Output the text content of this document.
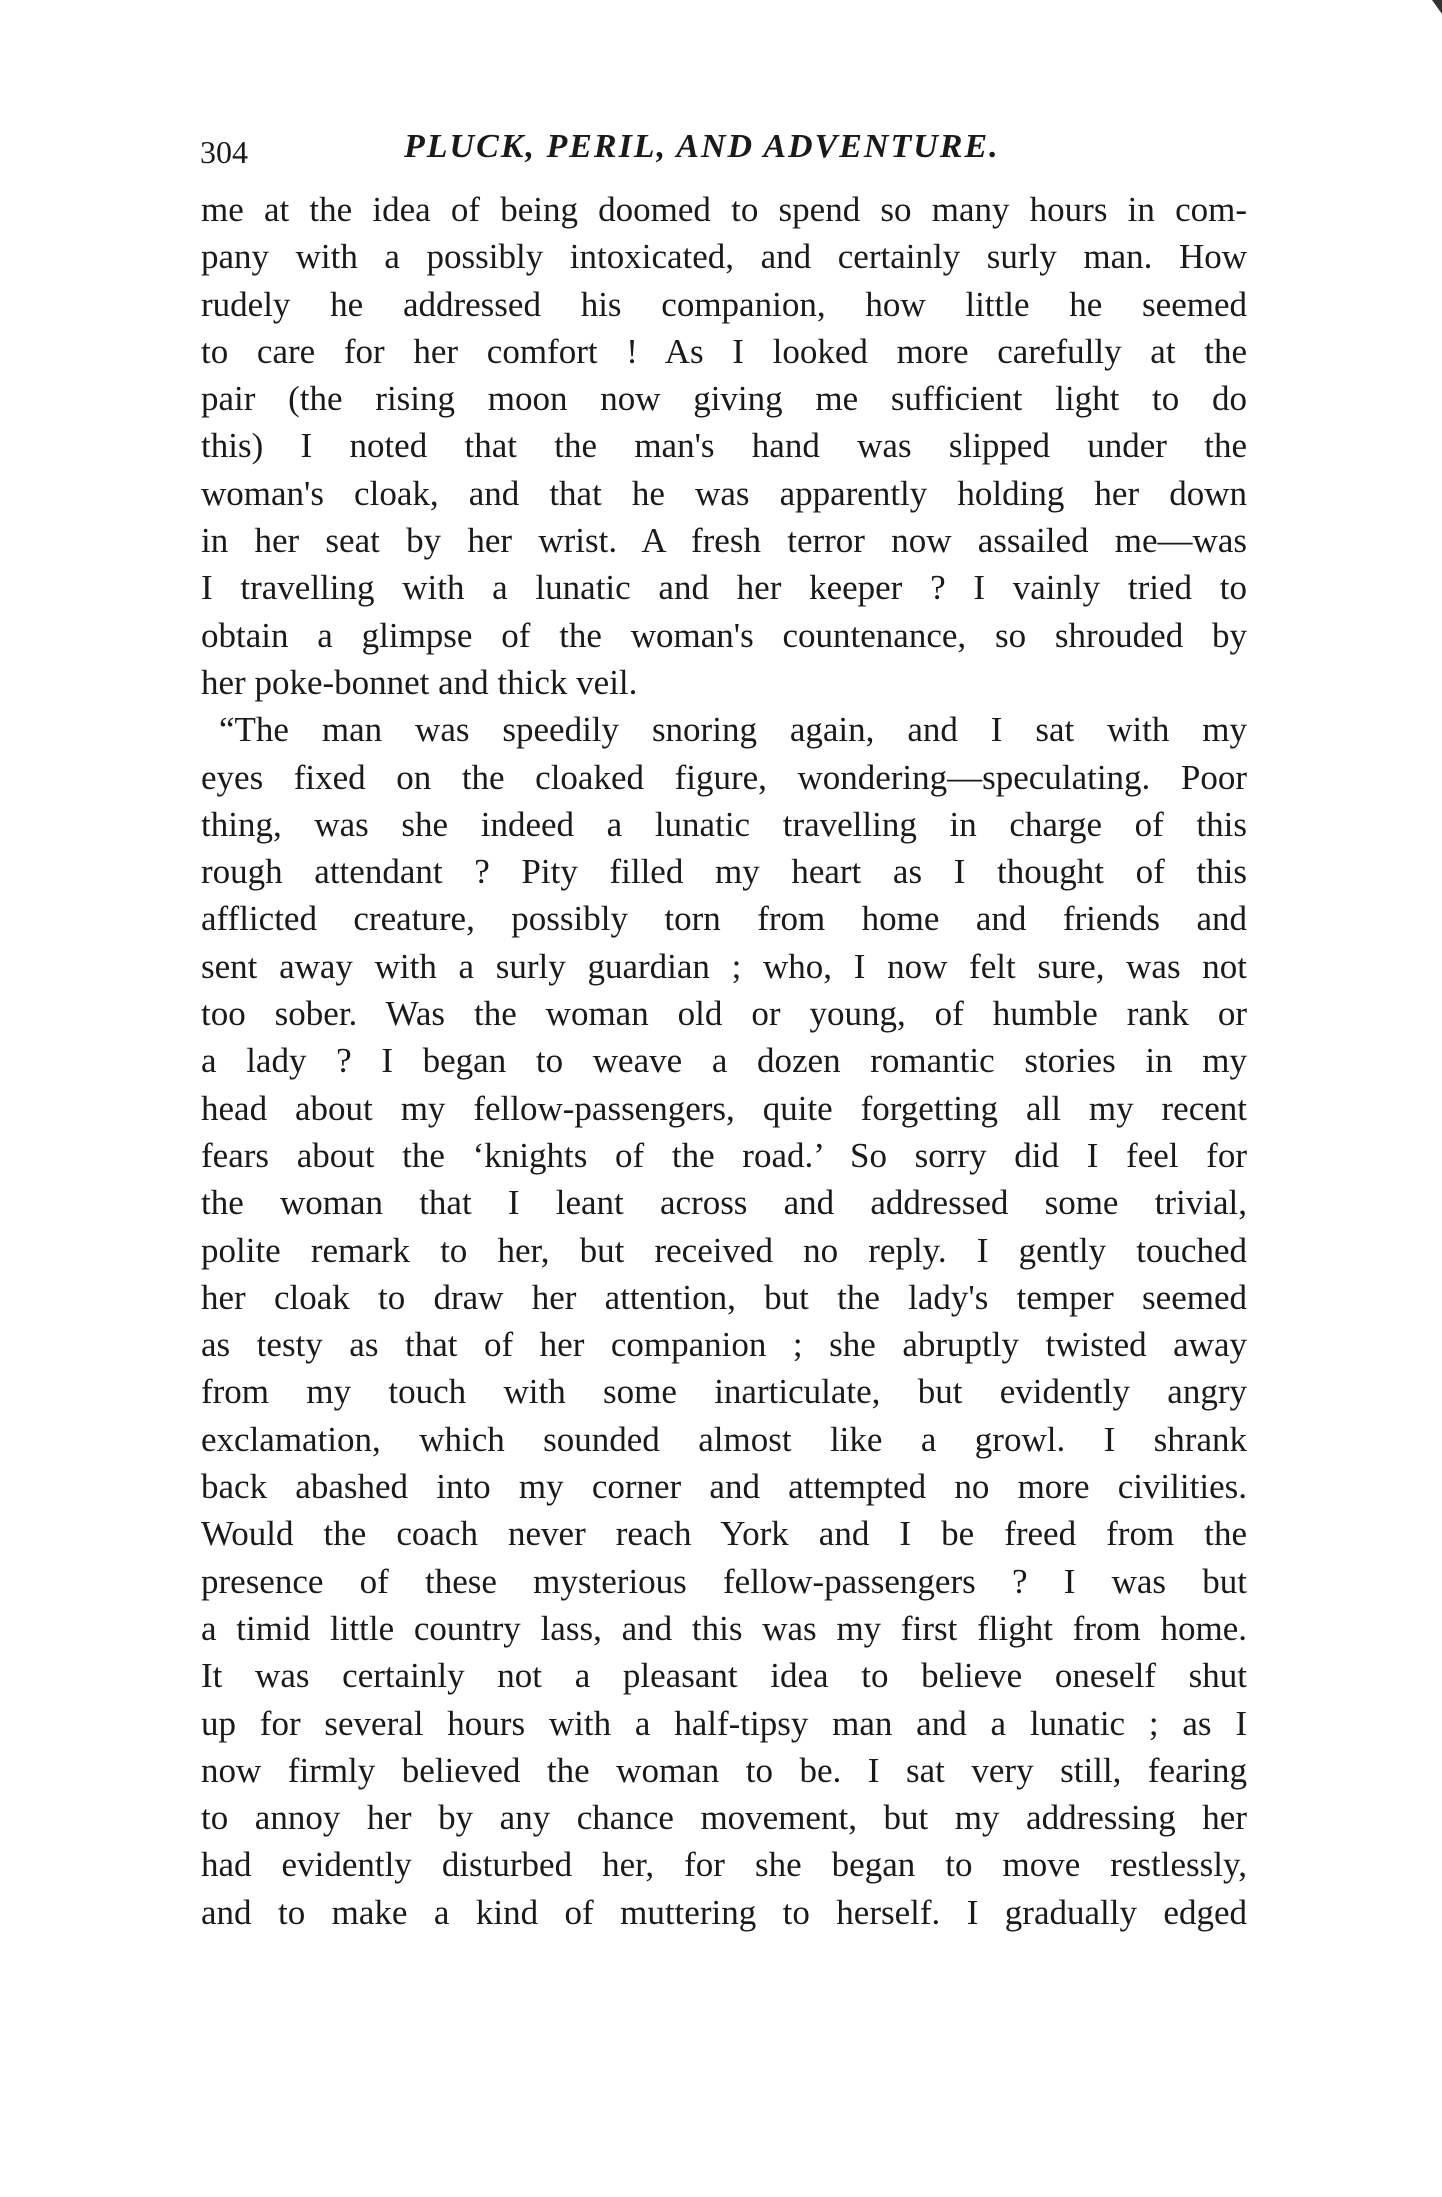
304	PLUCK, PERIL, AND ADVENTURE.
me at the idea of being doomed to spend so many hours in com-
pany with a possibly intoxicated, and certainly surly man. How
rudely he addressed his companion, how little he seemed
to care for her comfort ! As I looked more carefully at the
pair (the rising moon now giving me sufficient light to do
this) I noted that the man's hand was slipped under the
woman's cloak, and that he was apparently holding her down
in her seat by her wrist. A fresh terror now assailed me—was
I travelling with a lunatic and her keeper ? I vainly tried to
obtain a glimpse of the woman's countenance, so shrouded by
her poke-bonnet and thick veil.
“The man was speedily snoring again, and I sat with my
eyes fixed on the cloaked figure, wondering—speculating. Poor
thing, was she indeed a lunatic travelling in charge of this
rough attendant ? Pity filled my heart as I thought of this
afflicted creature, possibly torn from home and friends and
sent away with a surly guardian ; who, I now felt sure, was not
too sober. Was the woman old or young, of humble rank or
a lady ? I began to weave a dozen romantic stories in my
head about my fellow-passengers, quite forgetting all my recent
fears about the ‘knights of the road.’ So sorry did I feel for
the woman that I leant across and addressed some trivial,
polite remark to her, but received no reply. I gently touched
her cloak to draw her attention, but the lady's temper seemed
as testy as that of her companion ; she abruptly twisted away
from my touch with some inarticulate, but evidently angry
exclamation, which sounded almost like a growl. I shrank
back abashed into my corner and attempted no more civilities.
Would the coach never reach York and I be freed from the
presence of these mysterious fellow-passengers ? I was but
a timid little country lass, and this was my first flight from home.
It was certainly not a pleasant idea to believe oneself shut
up for several hours with a half-tipsy man and a lunatic ; as I
now firmly believed the woman to be. I sat very still, fearing
to annoy her by any chance movement, but my addressing her
had evidently disturbed her, for she began to move restlessly,
and to make a kind of muttering to herself. I gradually edged
